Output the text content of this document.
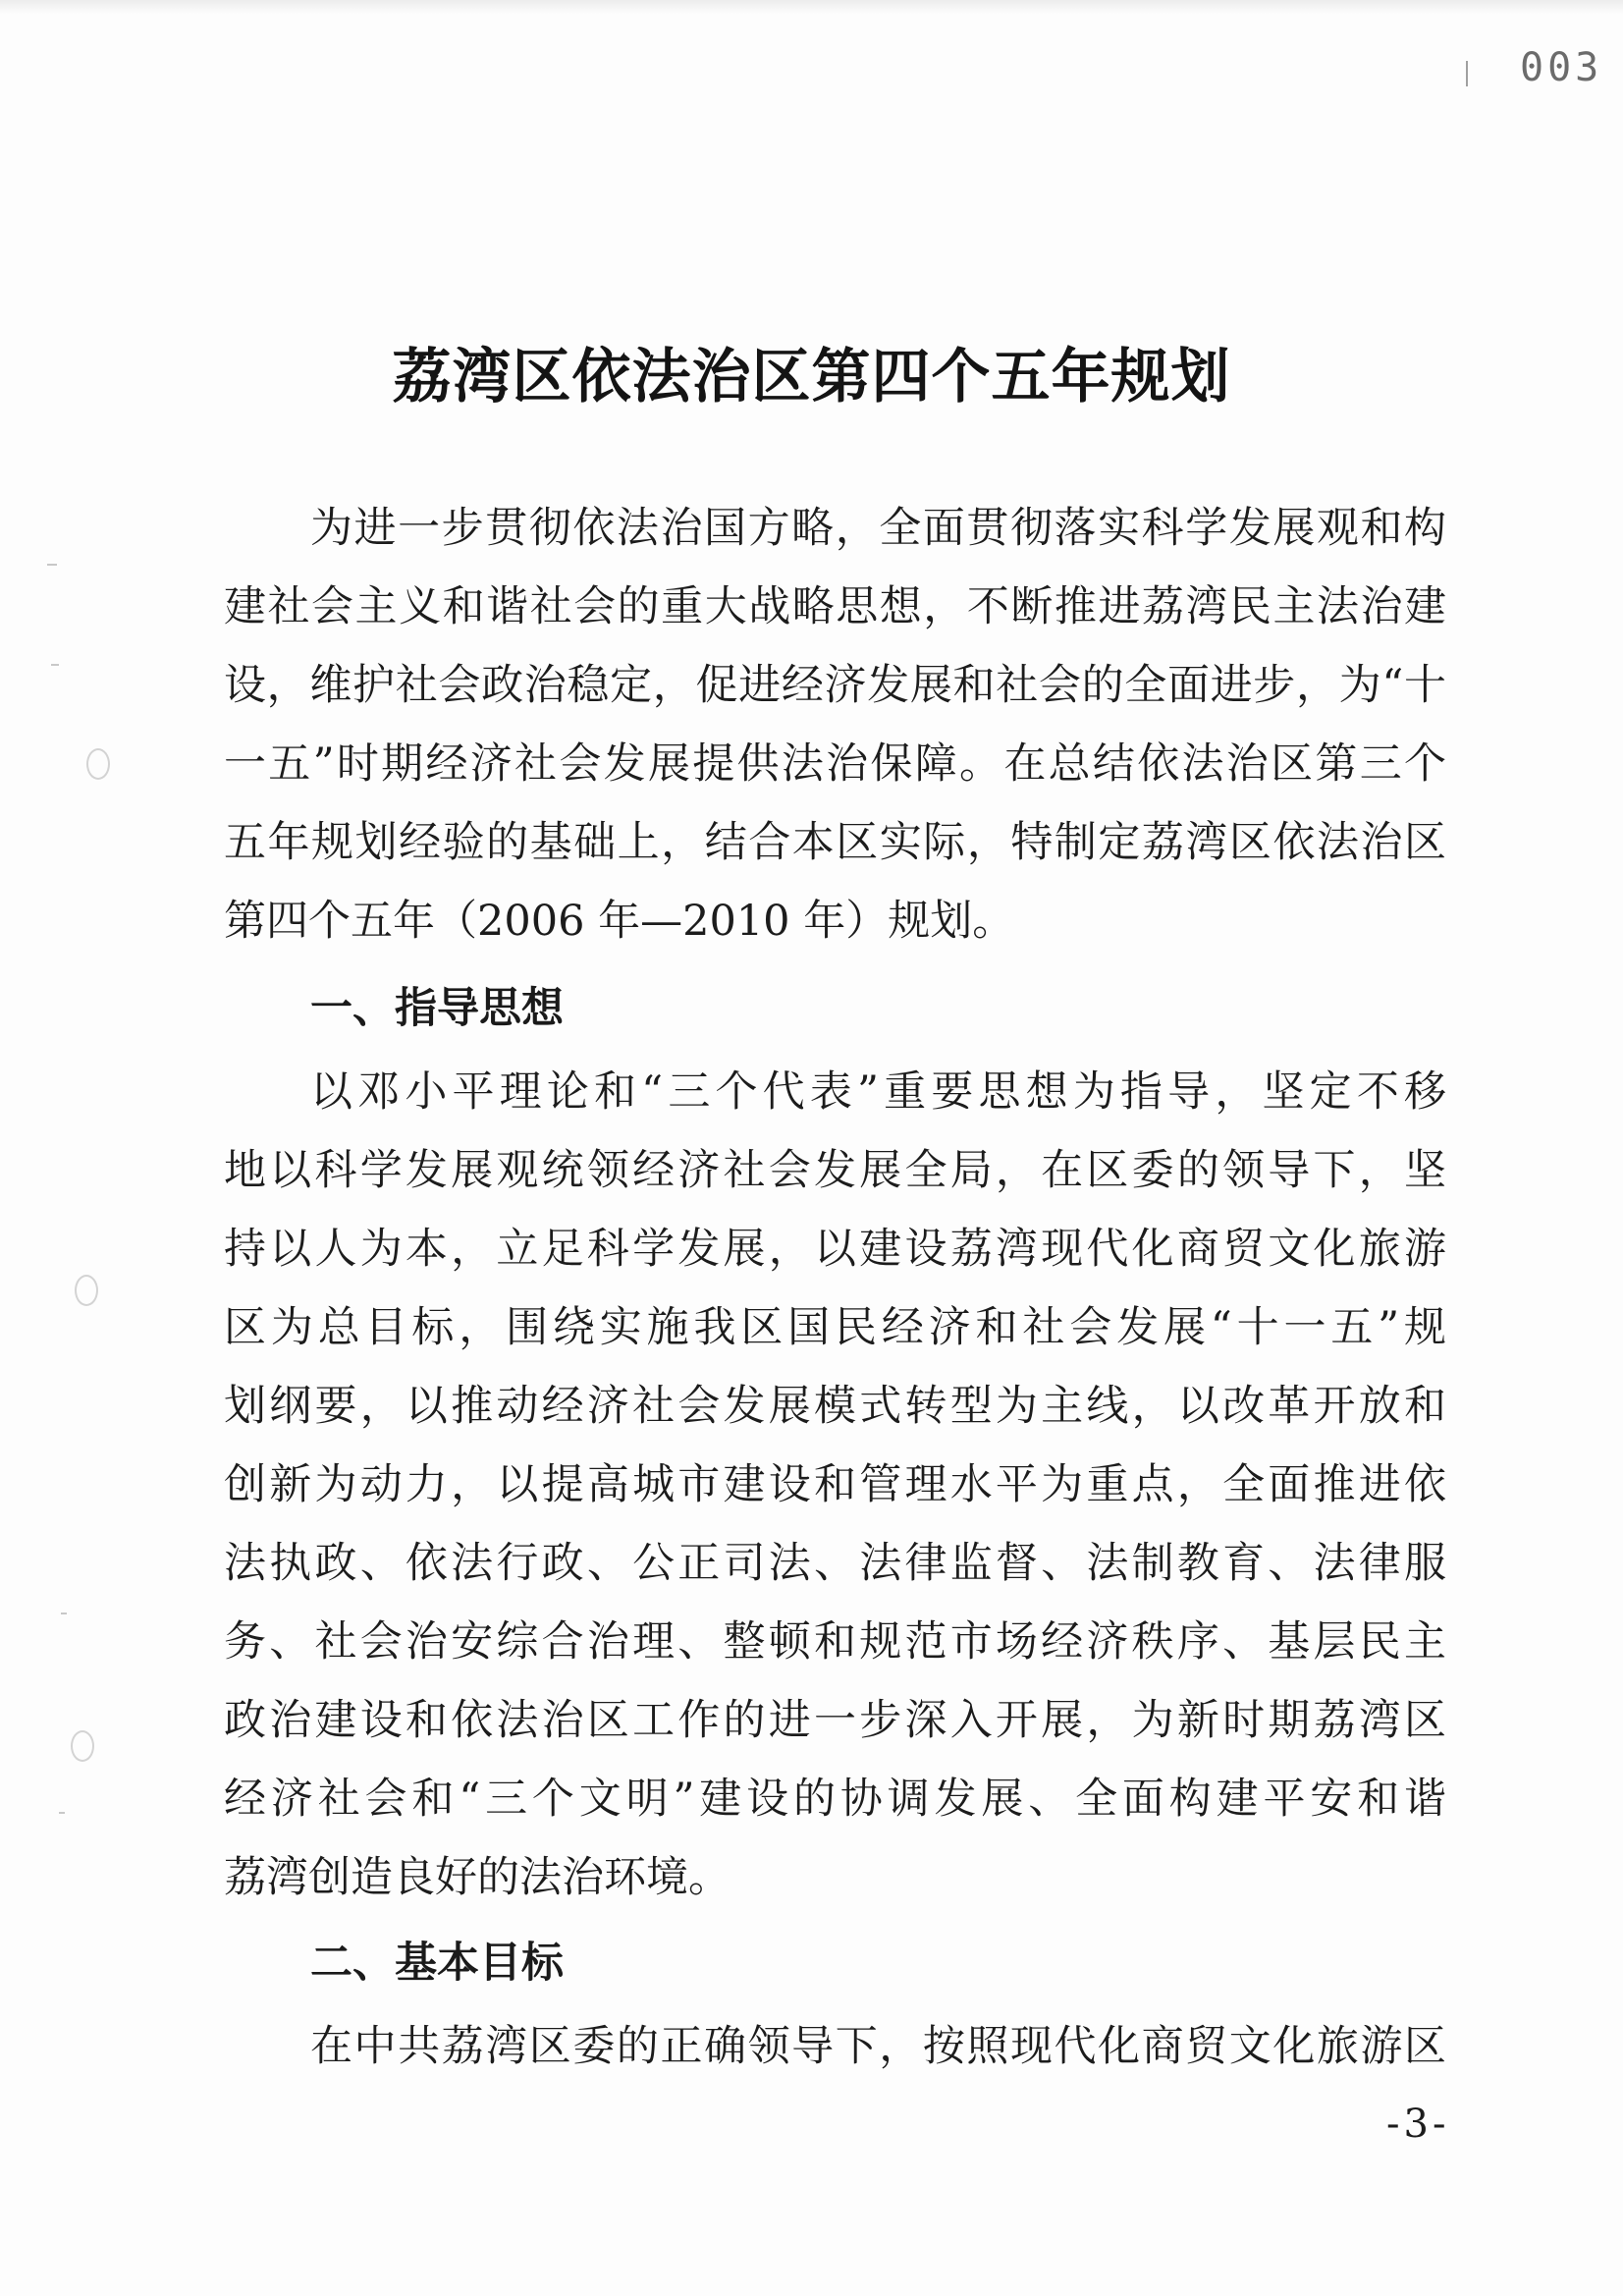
003
荔湾区依法治区第四个五年规划
为进一步贯彻依法治国方略，全面贯彻落实科学发展观和构
建社会主义和谐社会的重大战略思想，不断推进荔湾民主法治建
设，维护社会政治稳定，促进经济发展和社会的全面进步，为“十
一五”时期经济社会发展提供法治保障。在总结依法治区第三个
五年规划经验的基础上，结合本区实际，特制定荔湾区依法治区
第四个五年（2006 年—2010 年）规划。
一、指导思想
以邓小平理论和“三个代表”重要思想为指导，坚定不移
地以科学发展观统领经济社会发展全局，在区委的领导下，坚
持以人为本，立足科学发展，以建设荔湾现代化商贸文化旅游
区为总目标，围绕实施我区国民经济和社会发展“十一五”规
划纲要，以推动经济社会发展模式转型为主线，以改革开放和
创新为动力，以提高城市建设和管理水平为重点，全面推进依
法执政、依法行政、公正司法、法律监督、法制教育、法律服
务、社会治安综合治理、整顿和规范市场经济秩序、基层民主
政治建设和依法治区工作的进一步深入开展，为新时期荔湾区
经济社会和“三个文明”建设的协调发展、全面构建平安和谐
荔湾创造良好的法治环境。
二、基本目标
在中共荔湾区委的正确领导下，按照现代化商贸文化旅游区
-3-
